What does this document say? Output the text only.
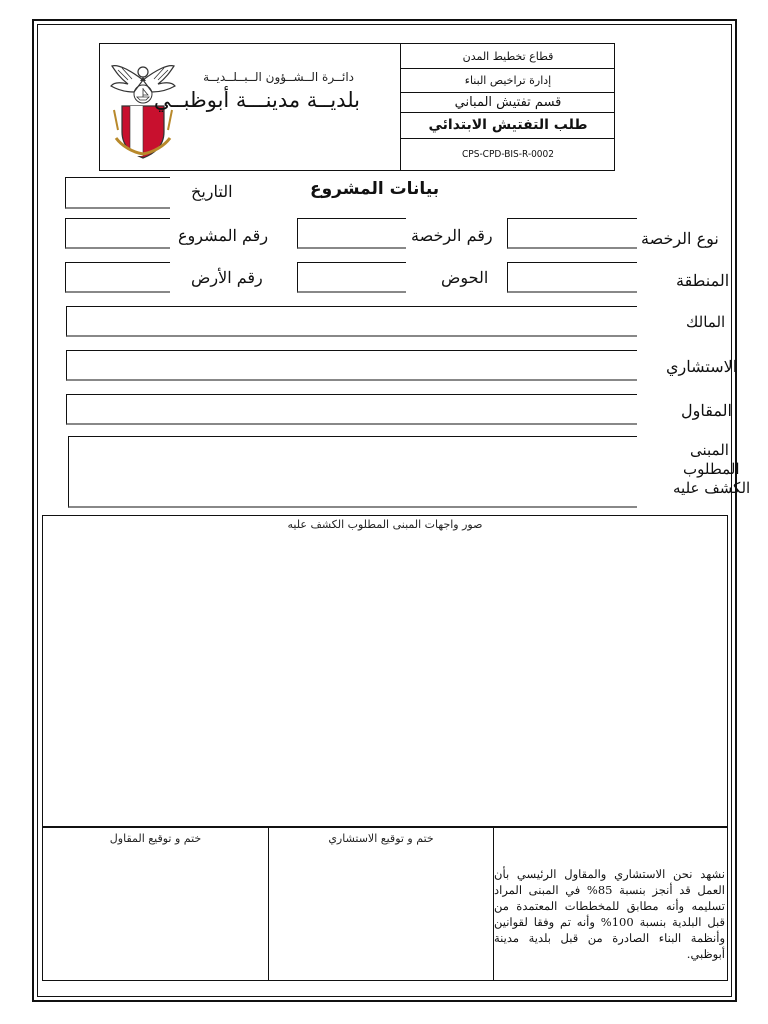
دائــرة الــشــؤون الــبــلــديــة
بلديــة مدينـــة أبوظبــي
قطاع تخطيط المدن
إدارة تراخيص البناء
قسم تفتيش المباني
طلب التفتيش الابتدائي
CPS-CPD-BIS-R-0002
بيانات المشروع
التاريخ
رقم المشروع	رقم الرخصة	نوع الرخصة
رقم الأرض	الحوض	المنطقة
المالك
الاستشاري
المقاول
المبنى
المطلوب
الكشف عليه
صور واجهات المبنى المطلوب الكشف عليه
ختم و توقيع المقاول	ختم و توقيع الاستشاري
نشهد نحن الاستشاري والمقاول الرئيسي بأن العمل قد أنجز بنسبة 85% في المبنى المراد تسليمه وأنه مطابق للمخططات المعتمدة من قبل البلدية بنسبة 100% وأنه تم وفقا لقوانين وأنظمة البناء الصادرة من قبل بلدية مدينة أبوظبي.
